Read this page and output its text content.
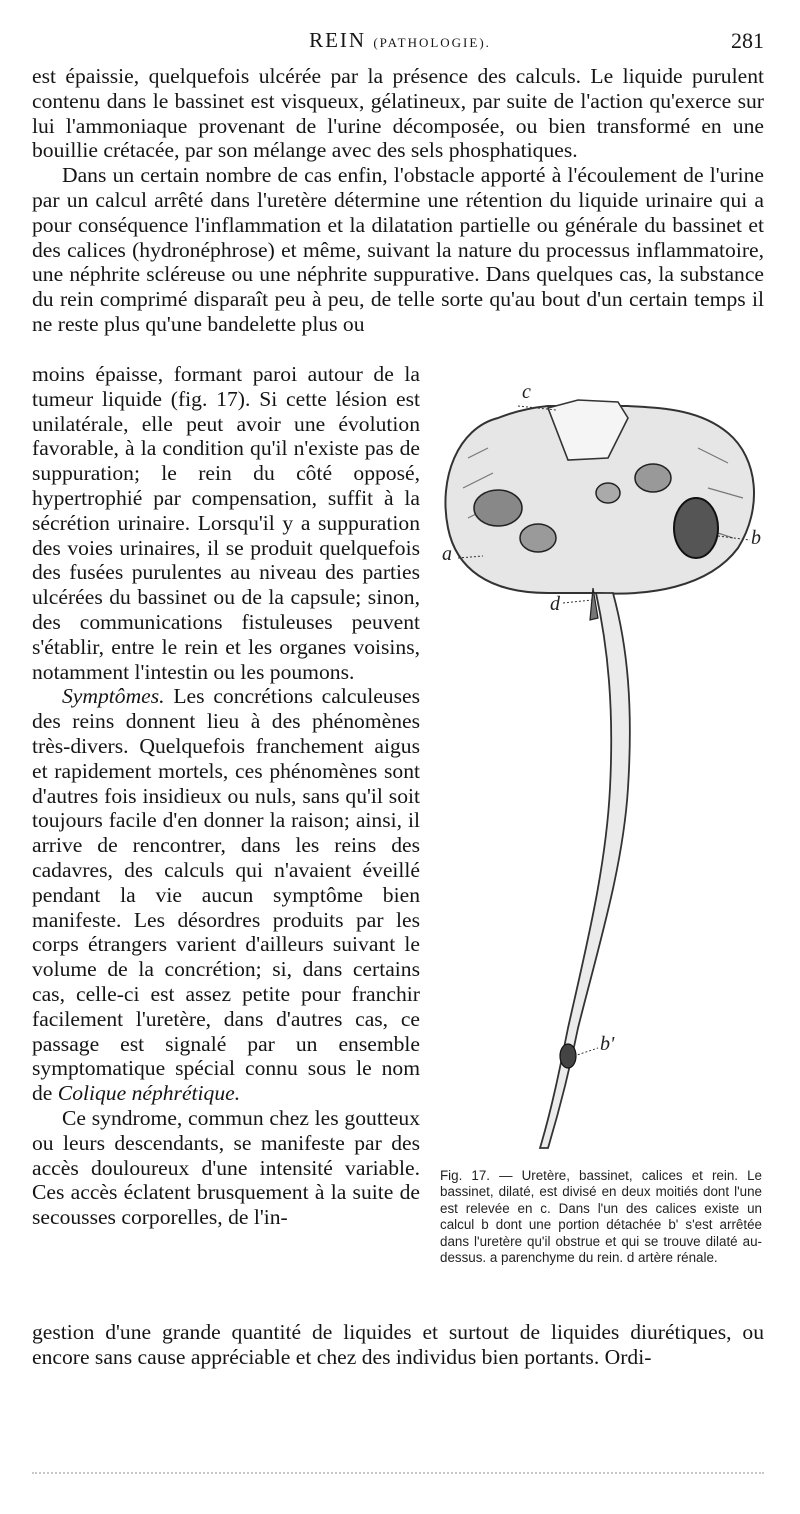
REIN (PATHOLOGIE).	281

est épaissie, quelquefois ulcérée par la présence des calculs. Le liquide purulent contenu dans le bassinet est visqueux, gélatineux, par suite de l'action qu'exerce sur lui l'ammoniaque provenant de l'urine décomposée, ou bien transformé en une bouillie crétacée, par son mélange avec des sels phosphatiques.

Dans un certain nombre de cas enfin, l'obstacle apporté à l'écoulement de l'urine par un calcul arrêté dans l'uretère détermine une rétention du liquide urinaire qui a pour conséquence l'inflammation et la dilatation partielle ou générale du bassinet et des calices (hydronéphrose) et même, suivant la nature du processus inflammatoire, une néphrite scléreuse ou une néphrite suppurative. Dans quelques cas, la substance du rein comprimé disparaît peu à peu, de telle sorte qu'au bout d'un certain temps il ne reste plus qu'une bandelette plus ou

moins épaisse, formant paroi autour de la tumeur liquide (fig. 17). Si cette lésion est unilatérale, elle peut avoir une évolution favorable, à la condition qu'il n'existe pas de suppuration; le rein du côté opposé, hypertrophié par compensation, suffit à la sécrétion urinaire. Lorsqu'il y a suppuration des voies urinaires, il se produit quelquefois des fusées purulentes au niveau des parties ulcérées du bassinet ou de la capsule; sinon, des communications fistuleuses peuvent s'établir, entre le rein et les organes voisins, notamment l'intestin ou les poumons.

Symptômes. Les concrétions calculeuses des reins donnent lieu à des phénomènes très-divers. Quelquefois franchement aigus et rapidement mortels, ces phénomènes sont d'autres fois insidieux ou nuls, sans qu'il soit toujours facile d'en donner la raison; ainsi, il arrive de rencontrer, dans les reins des cadavres, des calculs qui n'avaient éveillé pendant la vie aucun symptôme bien manifeste. Les désordres produits par les corps étrangers varient d'ailleurs suivant le volume de la concrétion; si, dans certains cas, celle-ci est assez petite pour franchir facilement l'uretère, dans d'autres cas, ce passage est signalé par un ensemble symptomatique spécial connu sous le nom de Colique néphrétique.

Ce syndrome, commun chez les goutteux ou leurs descendants, se manifeste par des accès douloureux d'une intensité variable. Ces accès éclatent brusquement à la suite de secousses corporelles, de l'in-

c
b
a
d
b'
Fig. 17. — Uretère, bassinet, calices et rein. Le bassinet, dilaté, est divisé en deux moitiés dont l'une est relevée en c. Dans l'un des calices existe un calcul b dont une portion détachée b' s'est arrêtée dans l'uretère qu'il obstrue et qui se trouve dilaté au-dessus. a parenchyme du rein. d artère rénale.

gestion d'une grande quantité de liquides et surtout de liquides diurétiques, ou encore sans cause appréciable et chez des individus bien portants. Ordi-
